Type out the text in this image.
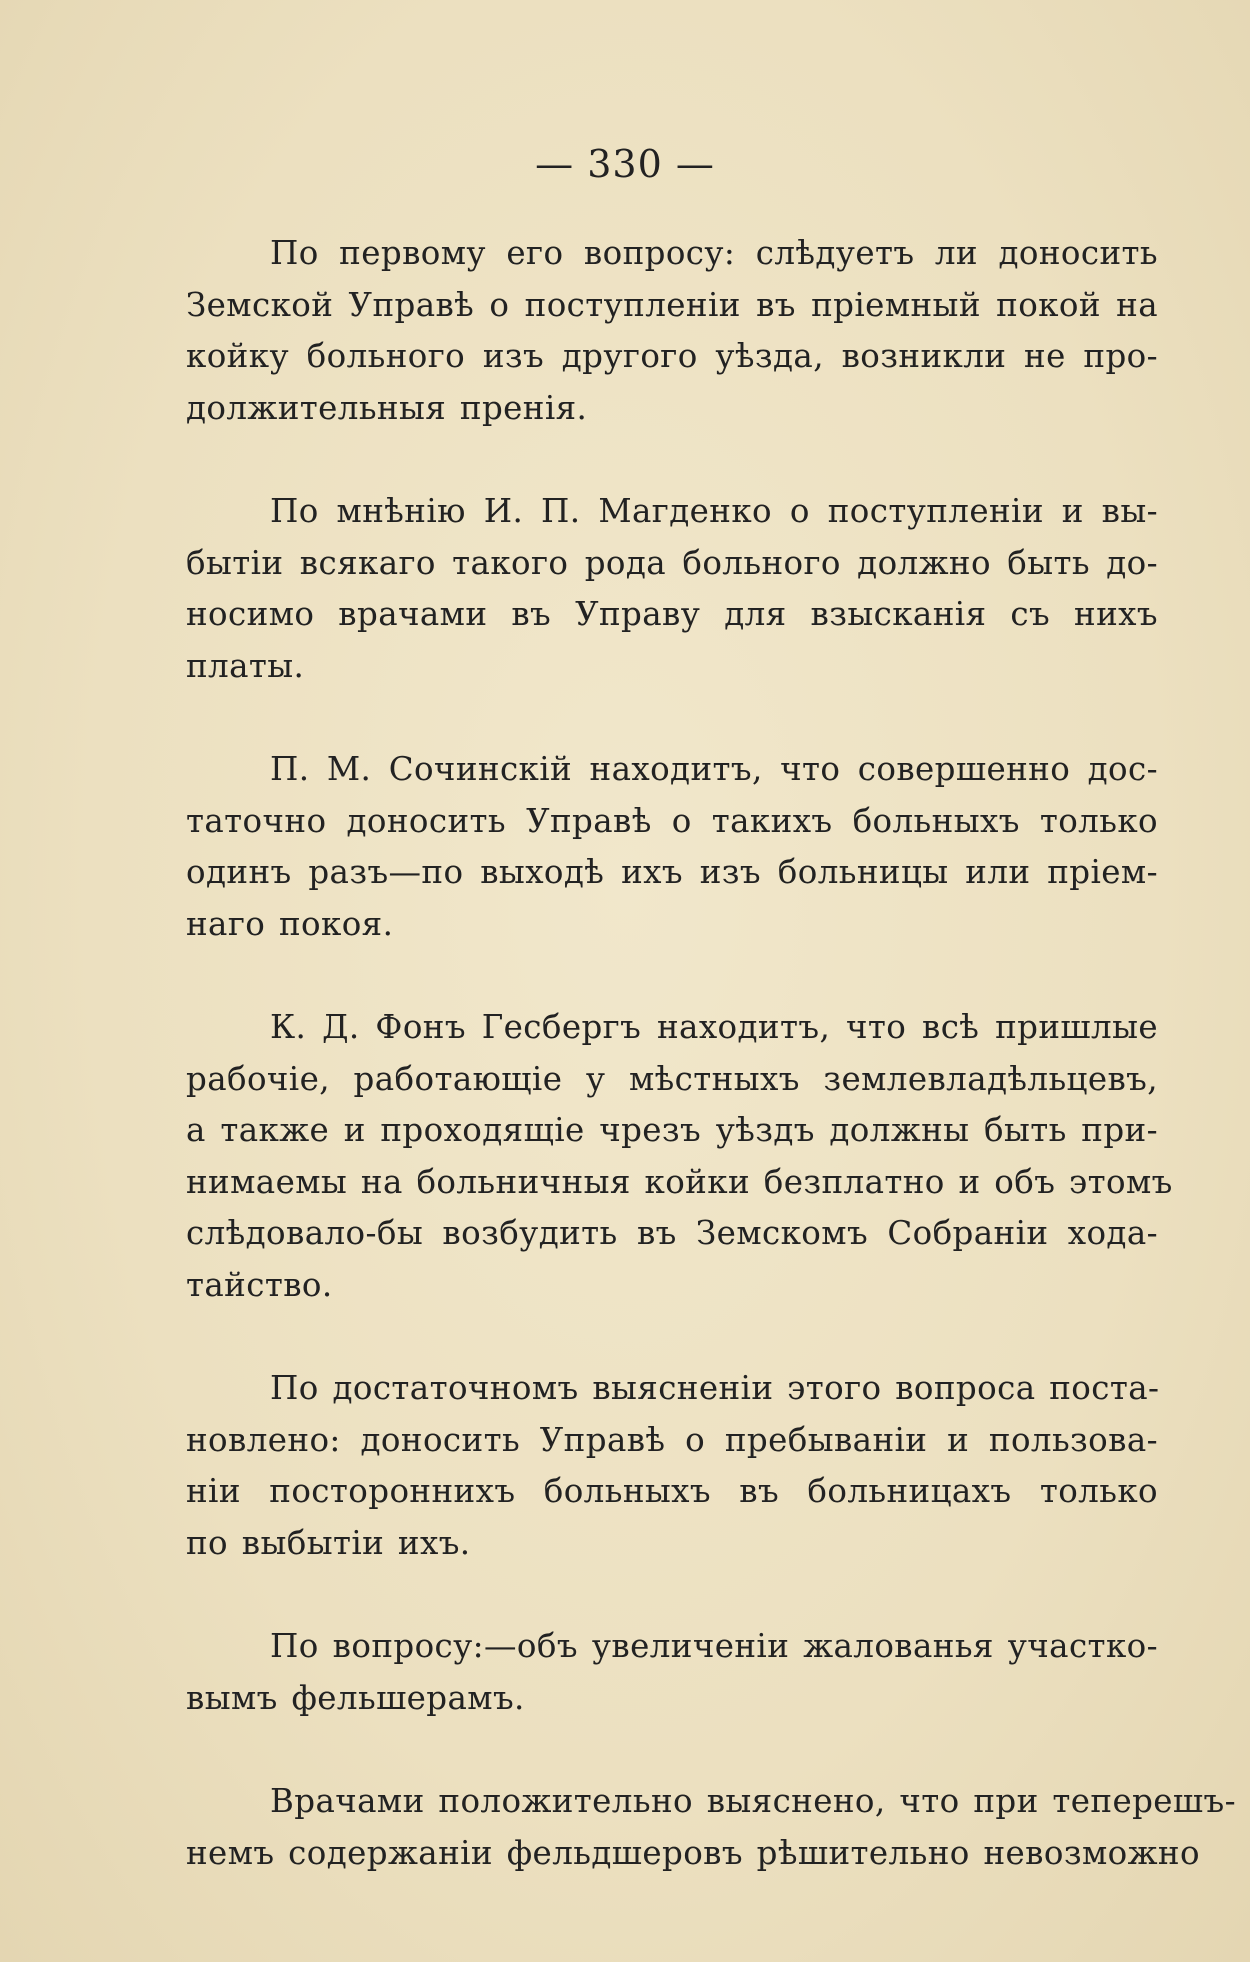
— 330 —

По первому его вопросу: слѣдуетъ ли доносить
Земской Управѣ о поступленіи въ пріемный покой на
койку больного изъ другого уѣзда, возникли не про-
должительныя пренія.

По мнѣнію И. П. Магденко о поступленіи и вы-
бытіи всякаго такого рода больного должно быть до-
носимо врачами въ Управу для взысканія съ нихъ
платы.

П. М. Сочинскій находитъ, что совершенно дос-
таточно доносить Управѣ о такихъ больныхъ только
одинъ разъ—по выходѣ ихъ изъ больницы или пріем-
наго покоя.

К. Д. Фонъ Гесбергъ находитъ, что всѣ пришлые
рабочіе, работающіе у мѣстныхъ землевладѣльцевъ,
а также и проходящіе чрезъ уѣздъ должны быть при-
нимаемы на больничныя койки безплатно и объ этомъ
слѣдовало-бы возбудить въ Земскомъ Собраніи хода-
тайство.

По достаточномъ выясненіи этого вопроса поста-
новлено: доносить Управѣ о пребываніи и пользова-
ніи постороннихъ больныхъ въ больницахъ только
по выбытіи ихъ.

По вопросу:—объ увеличеніи жалованья участко-
вымъ фельшерамъ.

Врачами положительно выяснено, что при теперешъ-
немъ содержаніи фельдшеровъ рѣшительно невозможно
